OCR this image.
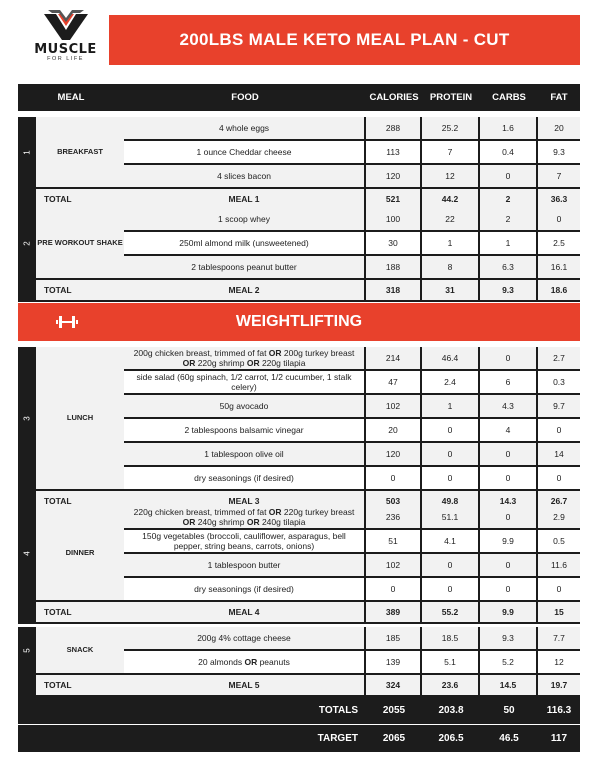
MUSCLE
FOR LIFE
200LBS MALE KETO MEAL PLAN - CUT
MEAL	FOOD	CALORIES	PROTEIN	CARBS	FAT
1	BREAKFAST
4 whole eggs	288	25.2	1.6	20
1 ounce Cheddar cheese	113	7	0.4	9.3
4 slices bacon	120	12	0	7
TOTAL	MEAL 1	521	44.2	2	36.3
2 PRE WORKOUT SHAKE
1 scoop whey	100	22	2	0
250ml almond milk (unsweetened)	30	1	1	2.5
2 tablespoons peanut butter	188	8	6.3	16.1
TOTAL	MEAL 2	318	31	9.3	18.6
3	LUNCH
200g chicken breast, trimmed of fat OR 200g turkey breast OR 220g shrimp OR 220g tilapia	214	46.4	0	2.7
side salad (60g spinach, 1/2 carrot, 1/2 cucumber, 1 stalk celery)	47	2.4	6	0.3
50g avocado	102	1	4.3	9.7
2 tablespoons balsamic vinegar	20	0	4	0
1 tablespoon olive oil	120	0	0	14
dry seasonings (if desired)	0	0	0	0
TOTAL	MEAL 3	503	49.8	14.3	26.7
4	DINNER
220g chicken breast, trimmed of fat OR 220g turkey breast OR 240g shrimp OR 240g tilapia	236	51.1	0	2.9
150g vegetables (broccoli, cauliflower, asparagus, bell pepper, string beans, carrots, onions)	51	4.1	9.9	0.5
1 tablespoon butter	102	0	0	11.6
dry seasonings (if desired)	0	0	0	0
TOTAL	MEAL 4	389	55.2	9.9	15
5	SNACK
200g 4% cottage cheese	185	18.5	9.3	7.7
20 almonds OR peanuts	139	5.1	5.2	12
TOTAL	MEAL 5	324	23.6	14.5	19.7
WEIGHTLIFTING
TOTALS	2055	203.8	50	116.3
TARGET	2065	206.5	46.5	117
